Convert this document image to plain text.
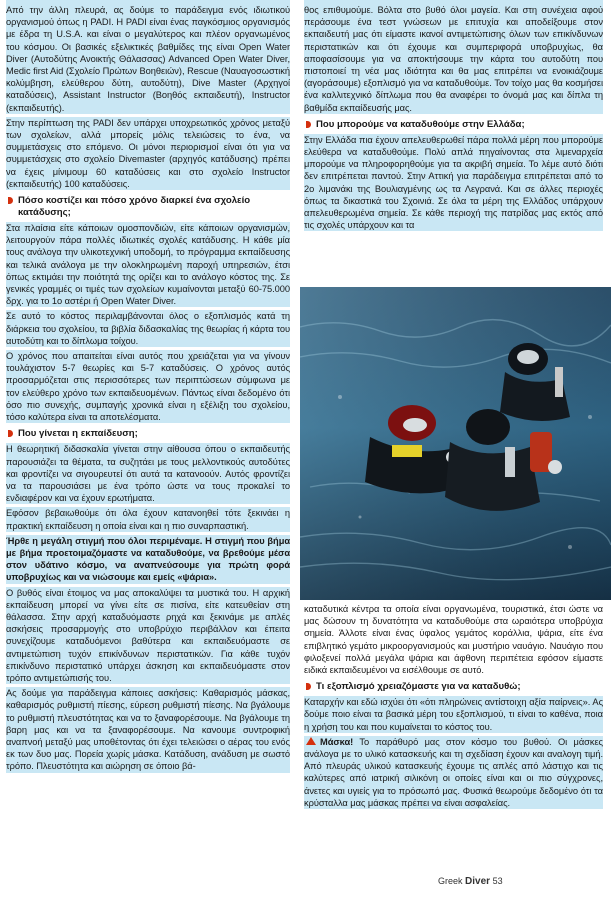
Από την άλλη πλευρά, ας δούμε το παράδειγμα ενός ιδιωτικού οργανισμού όπως η PADI. Η PADI είναι ένας παγκόσμιος οργανισμός με έδρα τη U.S.A. και είναι ο μεγαλύτερος και πλέον οργανωμένος του κόσμου. Οι βασικές εξελικτικές βαθμίδες της είναι Open Water Diver (Αυτοδύτης Ανοικτής Θάλασσας) Advanced Open Water Diver, Medic first Aid (Σχολείο Πρώτων Βοηθειών), Rescue (Ναυαγοσωστική κολύμβηση, ελεύθερου δύτη, αυτοδύτη), Dive Master (Αρχηγοί καταδύσεις), Assistant Instructor (Βοηθός εκπαιδευτή), Instructor (εκπαιδευτής).

Στην περίπτωση της PADI δεν υπάρχει υποχρεωτικός χρόνος μεταξύ των σχολείων, αλλά μπορείς μόλις τελειώσεις το ένα, να συμμετάσχεις στο επόμενο. Οι μόνοι περιορισμοί είναι ότι για να συμμετάσχεις στο σχολείο Divemaster (αρχηγός κατάδυσης) πρέπει να έχεις μίνιμουμ 60 καταδύσεις και στο σχολείο Instructor (εκπαιδευτής) 100 καταδύσεις.

Πόσο κοστίζει και πόσο χρόνο διαρκεί ένα σχολείο κατάδυσης;

Στα πλαίσια είτε κάποιων ομοσπονδιών, είτε κάποιων οργανισμών, λειτουργούν πάρα πολλές ιδιωτικές σχολές κατάδυσης. Η κάθε μία τους ανάλογα την υλικοτεχνική υποδομή, το πρόγραμμα εκπαίδευσης και τελικά ανάλογα με την ολοκληρωμένη παροχή υπηρεσιών, έτσι όπως εκτιμάει την ποιότητά της ορίζει και το ανάλογο κόστος της. Σε γενικές γραμμές οι τιμές των σχολείων κυμαίνονται μεταξύ 60-75.000 δρχ. για το 1ο αστέρι ή Open Water Diver.

Σε αυτό το κόστος περιλαμβάνονται όλος ο εξοπλισμός κατά τη διάρκεια του σχολείου, τα βιβλία διδασκαλίας της θεωρίας ή κάρτα του αυτοδύτη και το δίπλωμα τοίχου.

Ο χρόνος που απαιτείται είναι αυτός που χρειάζεται για να γίνουν τουλάχιστον 5-7 θεωρίες και 5-7 καταδύσεις. Ο χρόνος αυτός προσαρμόζεται στις περισσότερες των περιπτώσεων σύμφωνα με τον ελεύθερο χρόνο των εκπαιδευομένων. Πάντως είναι δεδομένο ότι όσο πιο συνεχής, συμπαγής χρονικά είναι η εξέλιξη του σχολείου, τόσο καλύτερα είναι τα αποτελέσματα.

Που γίνεται η εκπαίδευση;

Η θεωρητική διδασκαλία γίνεται στην αίθουσα όπου ο εκπαιδευτής παρουσιάζει τα θέματα, τα συζητάει με τους μελλοντικούς αυτοδύτες και φροντίζει να σιγουρευτεί ότι αυτά τα κατανοούν. Αυτός φροντίζει να τα παρουσιάσει με ένα τρόπο ώστε να τους προκαλεί το ενδιαφέρον και να έχουν ερωτήματα.

Εφόσον βεβαιωθούμε ότι όλα έχουν κατανοηθεί τότε ξεκινάει η πρακτική εκπαίδευση η οποία είναι και η πιο συναρπαστική.

Ήρθε η μεγάλη στιγμή που όλοι περιμέναμε. Η στιγμή που βήμα με βήμα προετοιμαζόμαστε να καταδυθούμε, να βρεθούμε μέσα στον υδάτινο κόσμο, να αναπνεύσουμε για πρώτη φορά υποβρυχίως και να νιώσουμε και εμείς «ψάρια».

Ο βυθός είναι έτοιμος να μας αποκαλύψει τα μυστικά του. Η αρχική εκπαίδευση μπορεί να γίνει είτε σε πισίνα, είτε κατευθείαν στη θάλασσα. Στην αρχή καταδυόμαστε ρηχά και ξεκινάμε με απλές ασκήσεις προσαρμογής στο υποβρύχιο περιβάλλον και έπειτα συνεχίζουμε καταδυόμενοι βαθύτερα και εκπαιδευόμαστε σε αντιμετώπιση τυχόν επικίνδυνων περιστατικών. Για κάθε τυχόν επικίνδυνο περιστατικό υπάρχει άσκηση και εκπαιδευόμαστε στον τρόπο αντιμετώπισής του.

Ας δούμε για παράδειγμα κάποιες ασκήσεις: Καθαρισμός μάσκας, καθαρισμός ρυθμιστή πίεσης, εύρεση ρυθμιστή πίεσης. Να βγάλουμε το ρυθμιστή πλευστότητας και να το ξαναφορέσουμε. Να βγάλουμε τη βαρη μας και να τα ξαναφορέσουμε. Να κανουμε συντροφική αναπνοή μεταξύ μας υποθέτοντας ότι έχει τελειώσει ο αέρας του ενός εκ των δυο μας. Πορεία χωρίς μάσκα. Κατάδυση, ανάδυση με σωστό τρόπο. Πλευστότητα και αιώρηση σε όποιο βά-

θος επιθυμούμε. Βόλτα στο βυθό όλοι μαγεία. Και στη συνέχεια αφού περάσουμε ένα τεστ γνώσεων με επιτυχία και αποδείξουμε στον εκπαιδευτή μας ότι είμαστε ικανοί αντιμετώπισης όλων των επικίνδυνων περιστατικών και ότι έχουμε και συμπεριφορά υποβρυχίως, θα αποφασίσουμε για να αποκτήσουμε την κάρτα του αυτοδύτη που πιστοποιεί τη νέα μας ιδιότητα και θα μας επιτρέπει να ενοικιάζουμε (αγοράσουμε) εξοπλισμό για να καταδυθούμε. Τον τοίχο μας θα κοσμήσει ένα καλλιτεχνικό δίπλωμα που θα αναφέρει το όνομά μας και δίπλα τη βαθμίδα εκπαίδευσής μας.

Που μπορούμε να καταδυθούμε στην Ελλάδα;

Στην Ελλάδα πια έχουν απελευθερωθεί πάρα πολλά μέρη που μπορούμε ελεύθερα να καταδυθούμε. Πολύ απλά πηγαίνοντας στα λιμεναρχεία μπορούμε να πληροφορηθούμε για τα ακριβή σημεία. Το λέμε αυτό διότι δεν επιτρέπεται παντού. Στην Αττική για παράδειγμα επιτρέπεται από το 2ο λιμανάκι της Βουλιαγμένης ως τα Λεγρανά. Και σε άλλες περιοχές όπως τα δικαστικά του Σχοινιά. Σε όλα τα μέρη της Ελλάδος υπάρχουν απελευθερωμένα σημεία. Σε κάθε περιοχή της πατρίδας μας εκτός από τις σχολές υπάρχουν και τα

καταδυτικά κέντρα τα οποία είναι οργανωμένα, τουριστικά, έτσι ώστε να μας δώσουν τη δυνατότητα να καταδυθούμε στα ωραιότερα υποβρύχια σημεία. Άλλοτε είναι ένας ύφαλος γεμάτος κοράλλια, ψάρια, είτε ένα επιβλητικό γεμάτο μικροοργανισμούς και μυστήριο ναυάγιο. Ναυάγιο που φιλοξενεί πολλά μεγάλα ψάρια και άφθονη περιπέτεια εφόσον είμαστε ειδικά εκπαιδευμένοι να εισέλθουμε σε αυτό.

Τι εξοπλισμό χρειαζόμαστε για να καταδυθώ;

Καταρχήν και εδώ ισχύει ότι «ότι πληρώνεις αντίστοιχη αξία παίρνεις». Ας δούμε ποιο είναι τα βασικά μέρη του εξοπλισμού, τι είναι το καθένα, ποια η χρήση του και που κυμαίνεται το κόστος του.

Μάσκα! Το παράθυρό μας στον κόσμο του βυθού. Οι μάσκες ανάλογα με το υλικό κατασκευής και τη σχεδίαση έχουν και αναλογη τιμή. Από πλευράς υλικού κατασκευής έχουμε τις απλές από λάστιχο και τις καλύτερες από ιατρική σιλικόνη οι οποίες είναι και οι πιο σύγχρονες, άνετες και υγιείς για το πρόσωπό μας. Φυσικά θεωρούμε δεδομένο ότι τα κρύσταλλα μας μάσκας πρέπει να είναι ασφαλείας.

Greek Diver 53
